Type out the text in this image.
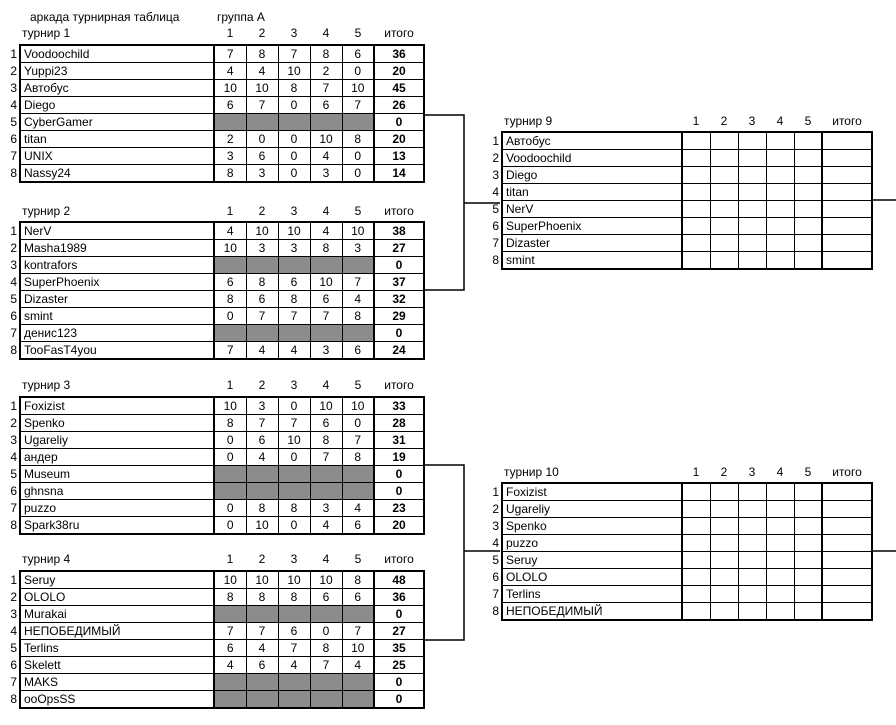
аркада турнирная таблица	группа А
турнир 1	1	2	3	4	5	итого
1	Voodoochild	7	8	7	8	6	36
2	Yuppi23	4	4	10	2	0	20
3	Автобус	10	10	8	7	10	45
4	Diego	6	7	0	6	7	26
5	CyberGamer						0
6	titan	2	0	0	10	8	20
7	UNIX	3	6	0	4	0	13
8	Nassy24	8	3	0	3	0	14
турнир 2	1	2	3	4	5	итого
1	NerV	4	10	10	4	10	38
2	Masha1989	10	3	3	8	3	27
3	kontrafors						0
4	SuperPhoenix	6	8	6	10	7	37
5	Dizaster	8	6	8	6	4	32
6	smint	0	7	7	7	8	29
7	денис123						0
8	TooFasT4you	7	4	4	3	6	24
турнир 3	1	2	3	4	5	итого
1	Foxizist	10	3	0	10	10	33
2	Spenko	8	7	7	6	0	28
3	Ugareliy	0	6	10	8	7	31
4	андер	0	4	0	7	8	19
5	Museum						0
6	ghnsna						0
7	puzzo	0	8	8	3	4	23
8	Spark38ru	0	10	0	4	6	20
турнир 4	1	2	3	4	5	итого
1	Seruy	10	10	10	10	8	48
2	OLOLO	8	8	8	6	6	36
3	Murakai						0
4	НЕПОБЕДИМЫЙ	7	7	6	0	7	27
5	Terlins	6	4	7	8	10	35
6	Skelett	4	6	4	7	4	25
7	MAKS						0
8	ooOpsSS						0
турнир 9	1	2	3	4	5	итого
1	Автобус						
2	Voodoochild						
3	Diego						
4	titan						
5	NerV						
6	SuperPhoenix						
7	Dizaster						
8	smint						
турнир 10	1	2	3	4	5	итого
1	Foxizist						
2	Ugareliy						
3	Spenko						
4	puzzo						
5	Seruy						
6	OLOLO						
7	Terlins						
8	НЕПОБЕДИМЫЙ						
